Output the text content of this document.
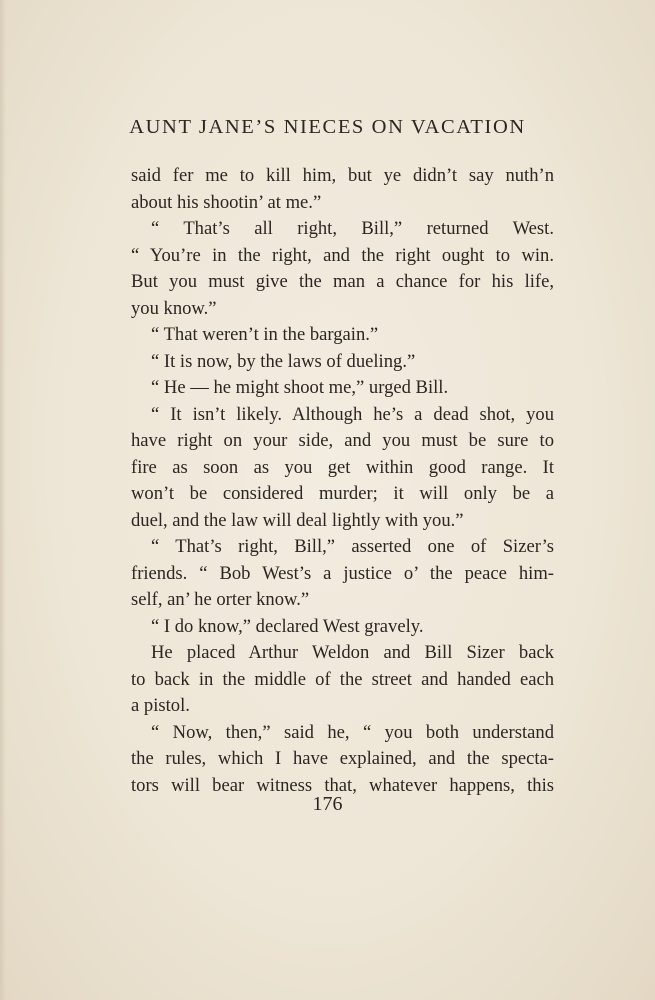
AUNT JANE’S NIECES ON VACATION
said fer me to kill him, but ye didn’t say nuth’n
about his shootin’ at me.”
“ That’s all right, Bill,” returned West.
“ You’re in the right, and the right ought to win.
But you must give the man a chance for his life,
you know.”
“ That weren’t in the bargain.”
“ It is now, by the laws of dueling.”
“ He — he might shoot me,” urged Bill.
“ It isn’t likely. Although he’s a dead shot, you
have right on your side, and you must be sure to
fire as soon as you get within good range. It
won’t be considered murder; it will only be a
duel, and the law will deal lightly with you.”
“ That’s right, Bill,” asserted one of Sizer’s
friends. “ Bob West’s a justice o’ the peace him-
self, an’ he orter know.”
“ I do know,” declared West gravely.
He placed Arthur Weldon and Bill Sizer back
to back in the middle of the street and handed each
a pistol.
“ Now, then,” said he, “ you both understand
the rules, which I have explained, and the specta-
tors will bear witness that, whatever happens, this
176
